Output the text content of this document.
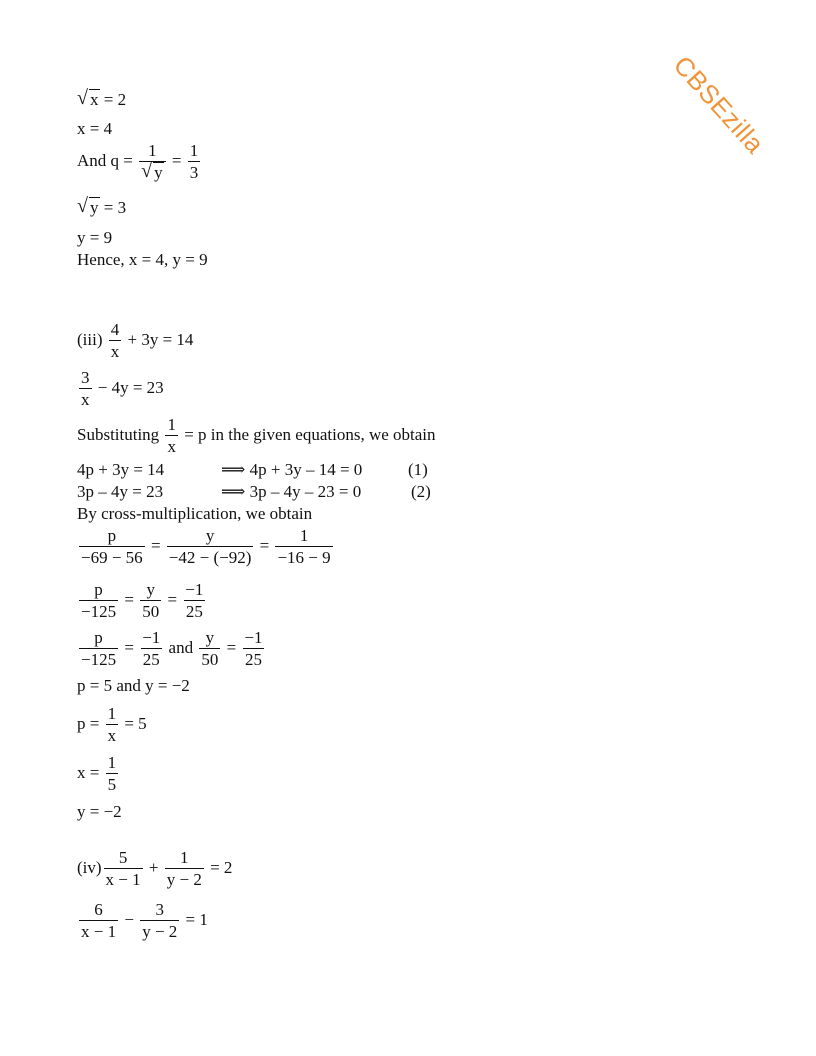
CBSEzilla
√ x = 2
x = 4
And $q = \frac{1}{√ y} = \frac{1}{3}$
√ y = 3
y = 9
Hence, x = 4, y = 9
$(iii) \frac{4}{x} + 3y = 14$
$\frac{3}{x} - 4y = 23$
Substituting $\frac{1}{x} = p$ in the given equations, we obtain
4p + 3y = 14	⟹ 4p + 3y – 14 = 0	(1)
3p – 4y = 23	⟹ 3p – 4y – 23 = 0	(2)
By cross-multiplication, we obtain
$\frac{p}{-69 - 56} = \frac{y}{-42 - (-92)} = \frac{1}{-16 - 9}$
$\frac{p}{-125} = \frac{y}{50} = \frac{-1}{25}$
$\frac{p}{-125} = \frac{-1}{25}$ and $\frac{y}{50} = \frac{-1}{25}$
p = 5 and y = −2
$p = \frac{1}{x} = 5$
$x = \frac{1}{5}$
y = −2
$(iv) \frac{5}{x - 1} + \frac{1}{y - 2} = 2$
$\frac{6}{x - 1} - \frac{3}{y - 2} = 1$
